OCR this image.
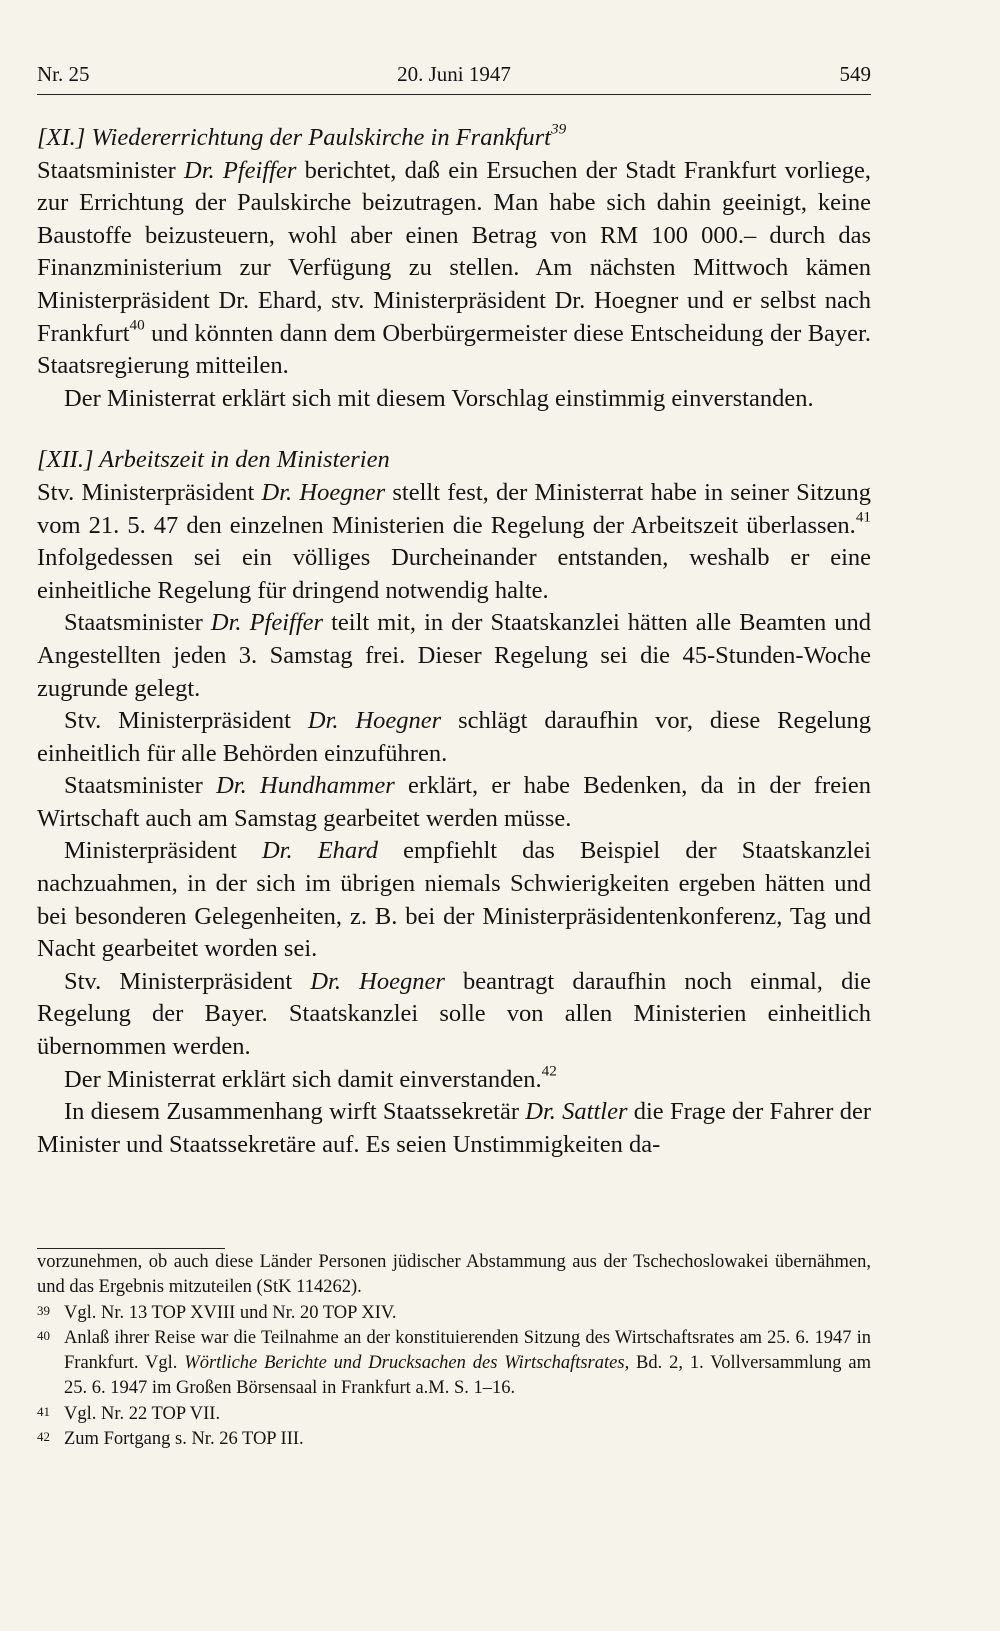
Nr. 25	20. Juni 1947	549

[XI.] Wiedererrichtung der Paulskirche in Frankfurt$^{39}$

Staatsminister Dr. Pfeiffer berichtet, daß ein Ersuchen der Stadt Frankfurt vorliege, zur Errichtung der Paulskirche beizutragen. Man habe sich dahin geeinigt, keine Baustoffe beizusteuern, wohl aber einen Betrag von RM 100 000.– durch das Finanzministerium zur Verfügung zu stellen. Am nächsten Mittwoch kämen Ministerpräsident Dr. Ehard, stv. Ministerpräsident Dr. Hoegner und er selbst nach Frankfurt$^{40}$ und könnten dann dem Oberbürgermeister diese Entscheidung der Bayer. Staatsregierung mitteilen.

Der Ministerrat erklärt sich mit diesem Vorschlag einstimmig einverstanden.

[XII.] Arbeitszeit in den Ministerien

Stv. Ministerpräsident Dr. Hoegner stellt fest, der Ministerrat habe in seiner Sitzung vom 21. 5. 47 den einzelnen Ministerien die Regelung der Arbeitszeit überlassen.$^{41}$ Infolgedessen sei ein völliges Durcheinander entstanden, weshalb er eine einheitliche Regelung für dringend notwendig halte.

Staatsminister Dr. Pfeiffer teilt mit, in der Staatskanzlei hätten alle Beamten und Angestellten jeden 3. Samstag frei. Dieser Regelung sei die 45-Stunden-Woche zugrunde gelegt.

Stv. Ministerpräsident Dr. Hoegner schlägt daraufhin vor, diese Regelung einheitlich für alle Behörden einzuführen.

Staatsminister Dr. Hundhammer erklärt, er habe Bedenken, da in der freien Wirtschaft auch am Samstag gearbeitet werden müsse.

Ministerpräsident Dr. Ehard empfiehlt das Beispiel der Staatskanzlei nachzuahmen, in der sich im übrigen niemals Schwierigkeiten ergeben hätten und bei besonderen Gelegenheiten, z. B. bei der Ministerpräsidentenkonferenz, Tag und Nacht gearbeitet worden sei.

Stv. Ministerpräsident Dr. Hoegner beantragt daraufhin noch einmal, die Regelung der Bayer. Staatskanzlei solle von allen Ministerien einheitlich übernommen werden.

Der Ministerrat erklärt sich damit einverstanden.$^{42}$

In diesem Zusammenhang wirft Staatssekretär Dr. Sattler die Frage der Fahrer der Minister und Staatssekretäre auf. Es seien Unstimmigkeiten da-

vorzunehmen, ob auch diese Länder Personen jüdischer Abstammung aus der Tschechoslowakei übernähmen, und das Ergebnis mitzuteilen (StK 114262).

39 Vgl. Nr. 13 TOP XVIII und Nr. 20 TOP XIV.

40 Anlaß ihrer Reise war die Teilnahme an der konstituierenden Sitzung des Wirtschaftsrates am 25. 6. 1947 in Frankfurt. Vgl. Wörtliche Berichte und Drucksachen des Wirtschaftsrates, Bd. 2, 1. Vollversammlung am 25. 6. 1947 im Großen Börsensaal in Frankfurt a.M. S. 1–16.

41 Vgl. Nr. 22 TOP VII.

42 Zum Fortgang s. Nr. 26 TOP III.
